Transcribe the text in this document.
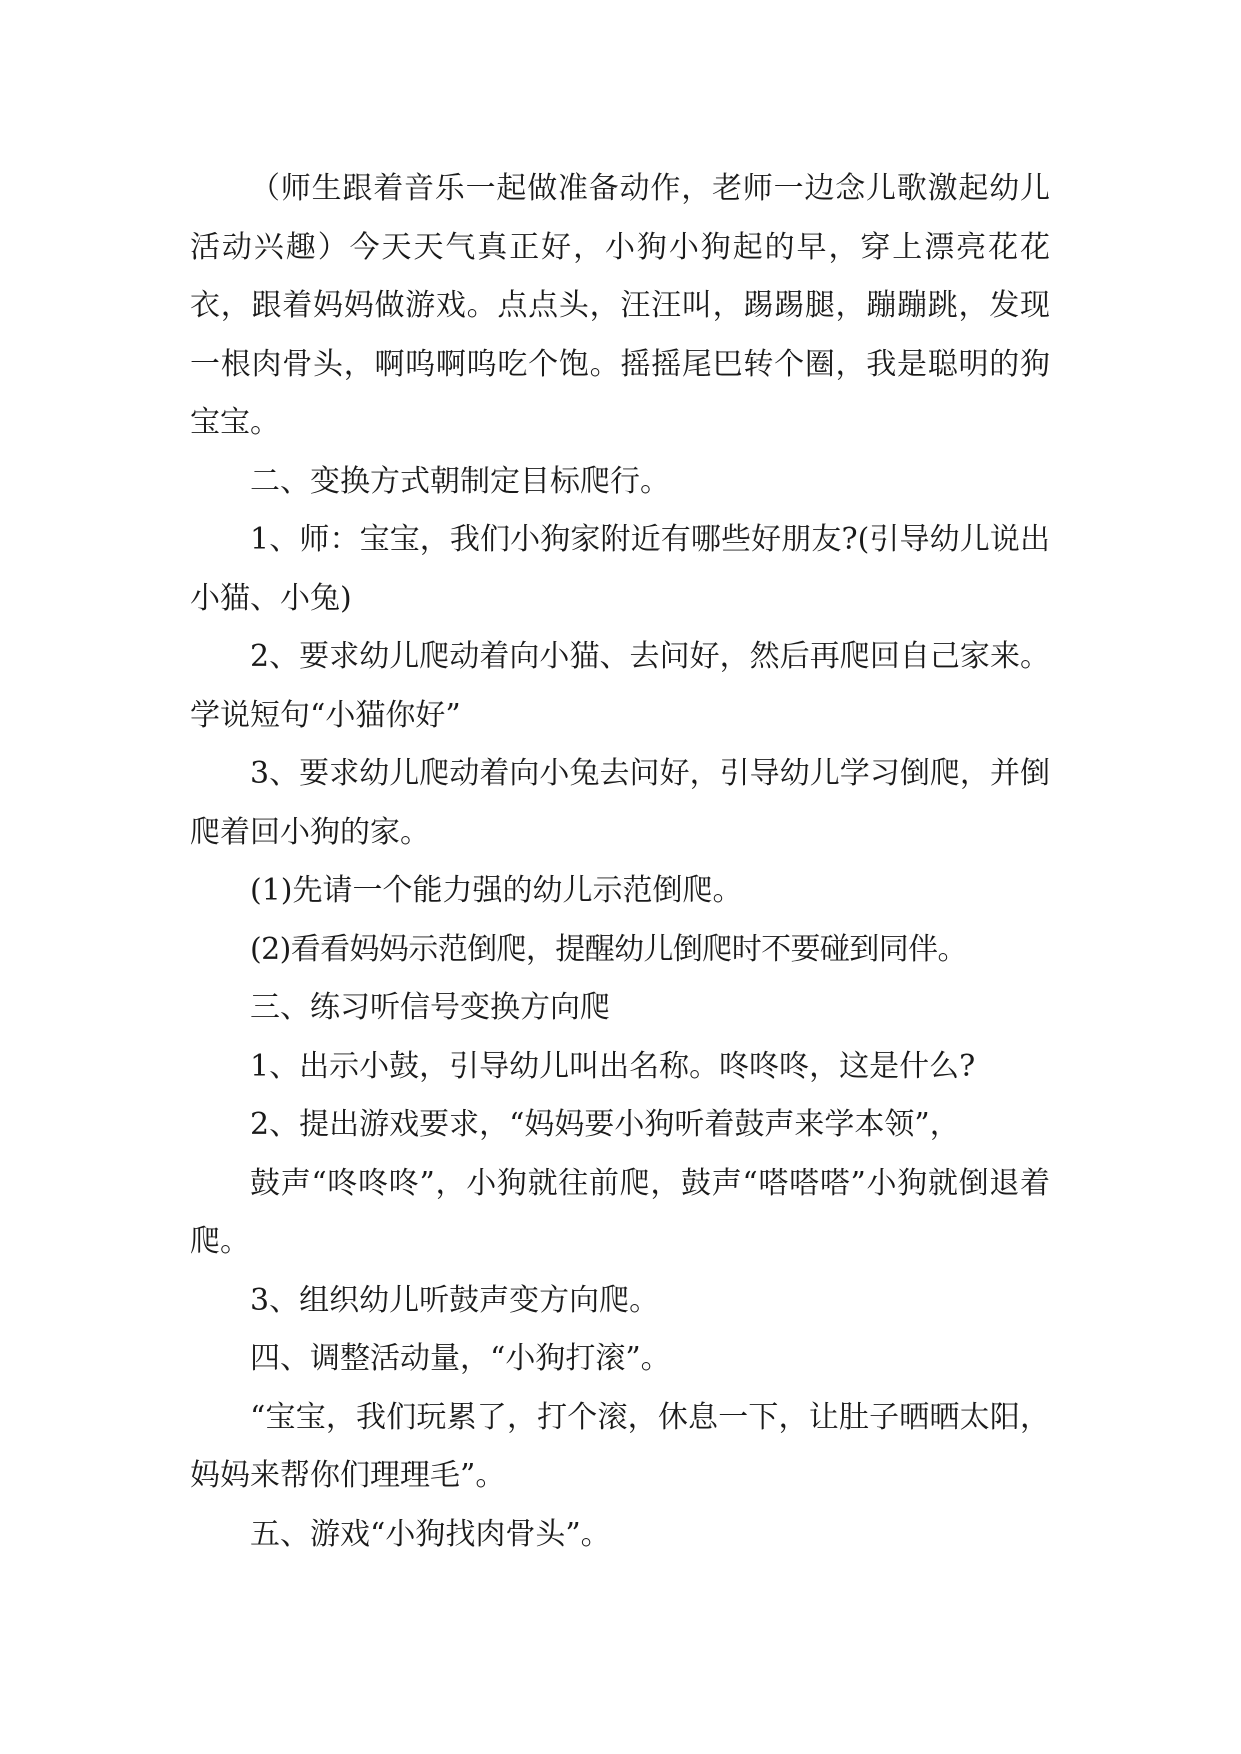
（师生跟着音乐一起做准备动作，老师一边念儿歌激起幼儿活动兴趣）今天天气真正好，小狗小狗起的早，穿上漂亮花花衣，跟着妈妈做游戏。点点头，汪汪叫，踢踢腿，蹦蹦跳，发现一根肉骨头，啊呜啊呜吃个饱。摇摇尾巴转个圈，我是聪明的狗宝宝。

二、变换方式朝制定目标爬行。

1、师：宝宝，我们小狗家附近有哪些好朋友?(引导幼儿说出小猫、小兔)

2、要求幼儿爬动着向小猫、去问好，然后再爬回自己家来。学说短句“小猫你好”

3、要求幼儿爬动着向小兔去问好，引导幼儿学习倒爬，并倒爬着回小狗的家。

(1)先请一个能力强的幼儿示范倒爬。

(2)看看妈妈示范倒爬，提醒幼儿倒爬时不要碰到同伴。

三、练习听信号变换方向爬

1、出示小鼓，引导幼儿叫出名称。咚咚咚，这是什么?

2、提出游戏要求，“妈妈要小狗听着鼓声来学本领”，

鼓声“咚咚咚”，小狗就往前爬，鼓声“嗒嗒嗒”小狗就倒退着爬。

3、组织幼儿听鼓声变方向爬。

四、调整活动量，“小狗打滚”。

“宝宝，我们玩累了，打个滚，休息一下，让肚子晒晒太阳，妈妈来帮你们理理毛”。

五、游戏“小狗找肉骨头”。
